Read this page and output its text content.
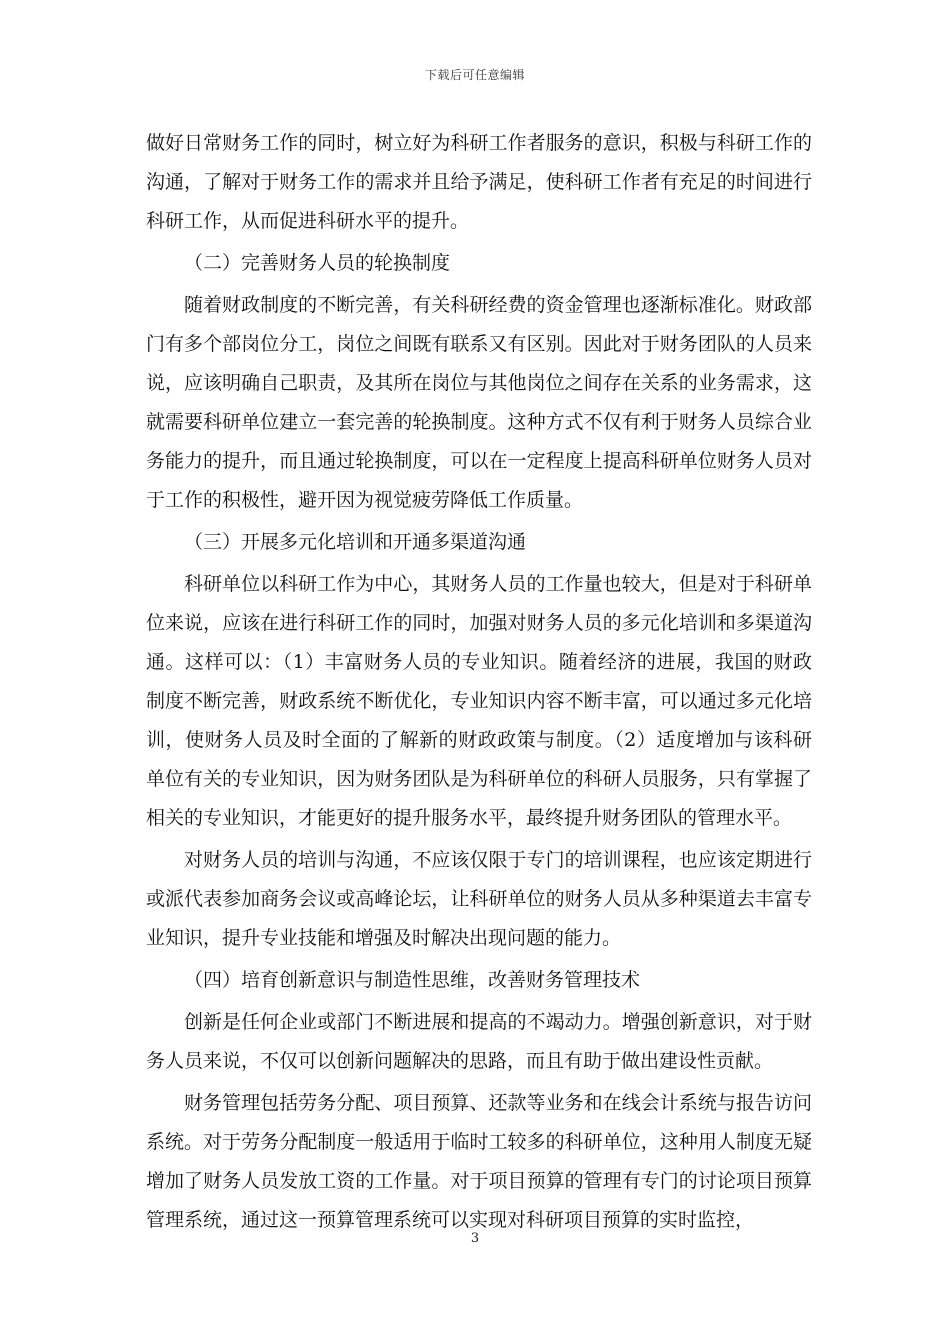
下载后可任意编辑

做好日常财务工作的同时，树立好为科研工作者服务的意识，积极与科研工作的沟通，了解对于财务工作的需求并且给予满足，使科研工作者有充足的时间进行科研工作，从而促进科研水平的提升。

（二）完善财务人员的轮换制度

随着财政制度的不断完善，有关科研经费的资金管理也逐渐标准化。财政部门有多个部岗位分工，岗位之间既有联系又有区别。因此对于财务团队的人员来说，应该明确自己职责，及其所在岗位与其他岗位之间存在关系的业务需求，这就需要科研单位建立一套完善的轮换制度。这种方式不仅有利于财务人员综合业务能力的提升，而且通过轮换制度，可以在一定程度上提高科研单位财务人员对于工作的积极性，避开因为视觉疲劳降低工作质量。

（三）开展多元化培训和开通多渠道沟通

科研单位以科研工作为中心，其财务人员的工作量也较大，但是对于科研单位来说，应该在进行科研工作的同时，加强对财务人员的多元化培训和多渠道沟通。这样可以：（1）丰富财务人员的专业知识。随着经济的进展，我国的财政制度不断完善，财政系统不断优化，专业知识内容不断丰富，可以通过多元化培训，使财务人员及时全面的了解新的财政政策与制度。（2）适度增加与该科研单位有关的专业知识，因为财务团队是为科研单位的科研人员服务，只有掌握了相关的专业知识，才能更好的提升服务水平，最终提升财务团队的管理水平。

对财务人员的培训与沟通，不应该仅限于专门的培训课程，也应该定期进行或派代表参加商务会议或高峰论坛，让科研单位的财务人员从多种渠道去丰富专业知识，提升专业技能和增强及时解决出现问题的能力。

（四）培育创新意识与制造性思维，改善财务管理技术

创新是任何企业或部门不断进展和提高的不竭动力。增强创新意识，对于财务人员来说，不仅可以创新问题解决的思路，而且有助于做出建设性贡献。

财务管理包括劳务分配、项目预算、还款等业务和在线会计系统与报告访问系统。对于劳务分配制度一般适用于临时工较多的科研单位，这种用人制度无疑增加了财务人员发放工资的工作量。对于项目预算的管理有专门的讨论项目预算管理系统，通过这一预算管理系统可以实现对科研项目预算的实时监控，

3
